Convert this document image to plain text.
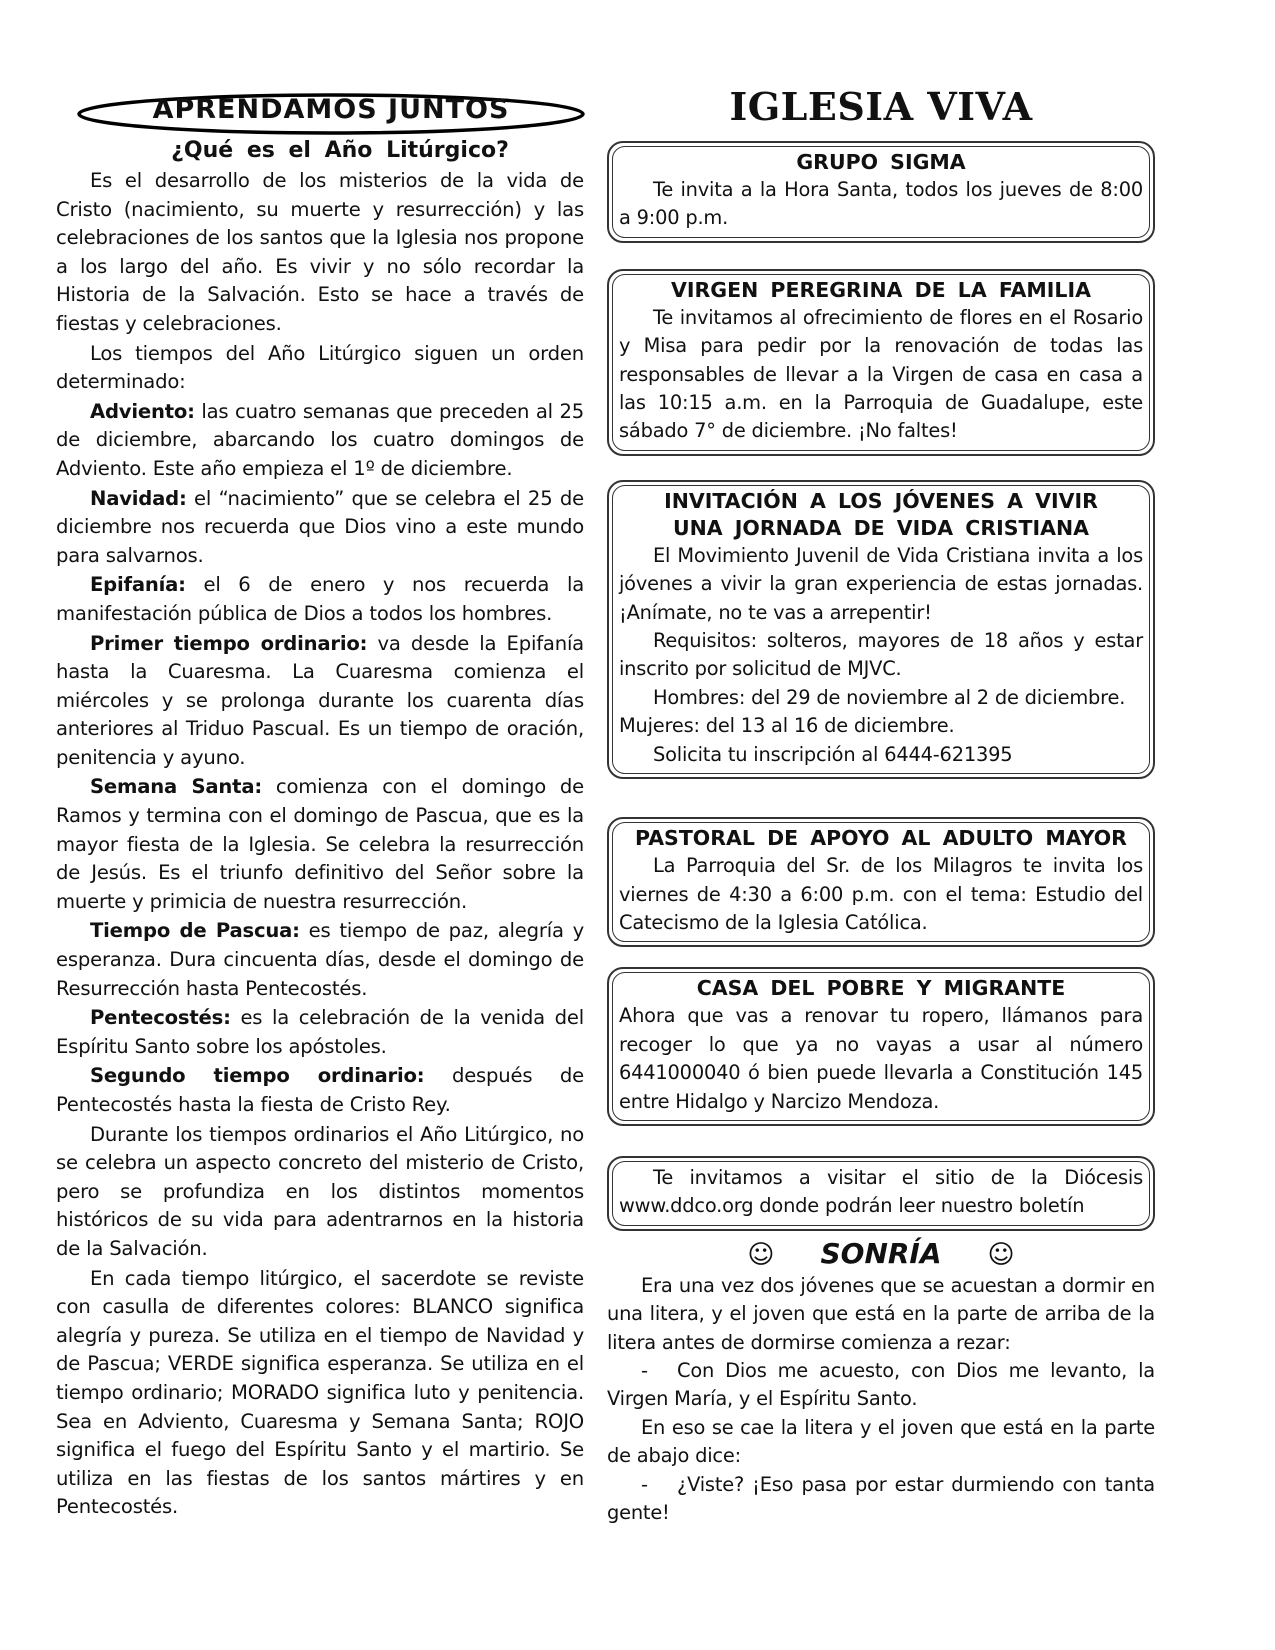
APRENDAMOS JUNTOS
¿Qué es el Año Litúrgico?
Es el desarrollo de los misterios de la vida de Cristo (nacimiento, su muerte y resurrección) y las celebraciones de los santos que la Iglesia nos propone a los largo del año. Es vivir y no sólo recordar la Historia de la Salvación. Esto se hace a través de fiestas y celebraciones.
Los tiempos del Año Litúrgico siguen un orden determinado:
Adviento: las cuatro semanas que preceden al 25 de diciembre, abarcando los cuatro domingos de Adviento. Este año empieza el 1º de diciembre.
Navidad: el “nacimiento” que se celebra el 25 de diciembre nos recuerda que Dios vino a este mundo para salvarnos.
Epifanía: el 6 de enero y nos recuerda la manifestación pública de Dios a todos los hombres.
Primer tiempo ordinario: va desde la Epifanía hasta la Cuaresma. La Cuaresma comienza el miércoles y se prolonga durante los cuarenta días anteriores al Triduo Pascual. Es un tiempo de oración, penitencia y ayuno.
Semana Santa: comienza con el domingo de Ramos y termina con el domingo de Pascua, que es la mayor fiesta de la Iglesia. Se celebra la resurrección de Jesús. Es el triunfo definitivo del Señor sobre la muerte y primicia de nuestra resurrección.
Tiempo de Pascua: es tiempo de paz, alegría y esperanza. Dura cincuenta días, desde el domingo de Resurrección hasta Pentecostés.
Pentecostés: es la celebración de la venida del Espíritu Santo sobre los apóstoles.
Segundo tiempo ordinario: después de Pentecostés hasta la fiesta de Cristo Rey.
Durante los tiempos ordinarios el Año Litúrgico, no se celebra un aspecto concreto del misterio de Cristo, pero se profundiza en los distintos momentos históricos de su vida para adentrarnos en la historia de la Salvación.
En cada tiempo litúrgico, el sacerdote se reviste con casulla de diferentes colores: BLANCO significa alegría y pureza. Se utiliza en el tiempo de Navidad y de Pascua; VERDE significa esperanza. Se utiliza en el tiempo ordinario; MORADO significa luto y penitencia. Sea en Adviento, Cuaresma y Semana Santa; ROJO significa el fuego del Espíritu Santo y el martirio. Se utiliza en las fiestas de los santos mártires y en Pentecostés.
IGLESIA VIVA
GRUPO SIGMA
Te invita a la Hora Santa, todos los jueves de 8:00 a 9:00 p.m.
VIRGEN PEREGRINA DE LA FAMILIA
Te invitamos al ofrecimiento de flores en el Rosario y Misa para pedir por la renovación de todas las responsables de llevar a la Virgen de casa en casa a las 10:15 a.m. en la Parroquia de Guadalupe, este sábado 7° de diciembre. ¡No faltes!
INVITACIÓN A LOS JÓVENES A VIVIR UNA JORNADA DE VIDA CRISTIANA
El Movimiento Juvenil de Vida Cristiana invita a los jóvenes a vivir la gran experiencia de estas jornadas. ¡Anímate, no te vas a arrepentir!
Requisitos: solteros, mayores de 18 años y estar inscrito por solicitud de MJVC.
Hombres: del 29 de noviembre al 2 de diciembre.
Mujeres: del 13 al 16 de diciembre.
Solicita tu inscripción al 6444-621395
PASTORAL DE APOYO AL ADULTO MAYOR
La Parroquia del Sr. de los Milagros te invita los viernes de 4:30 a 6:00 p.m. con el tema: Estudio del Catecismo de la Iglesia Católica.
CASA DEL POBRE Y MIGRANTE
Ahora que vas a renovar tu ropero, llámanos para recoger lo que ya no vayas a usar al número 6441000040 ó bien puede llevarla a Constitución 145 entre Hidalgo y Narcizo Mendoza.
Te invitamos a visitar el sitio de la Diócesis www.ddco.org donde podrán leer nuestro boletín
☺ SONRÍA ☺
Era una vez dos jóvenes que se acuestan a dormir en una litera, y el joven que está en la parte de arriba de la litera antes de dormirse comienza a rezar:
- Con Dios me acuesto, con Dios me levanto, la Virgen María, y el Espíritu Santo.
En eso se cae la litera y el joven que está en la parte de abajo dice:
- ¿Viste? ¡Eso pasa por estar durmiendo con tanta gente!
